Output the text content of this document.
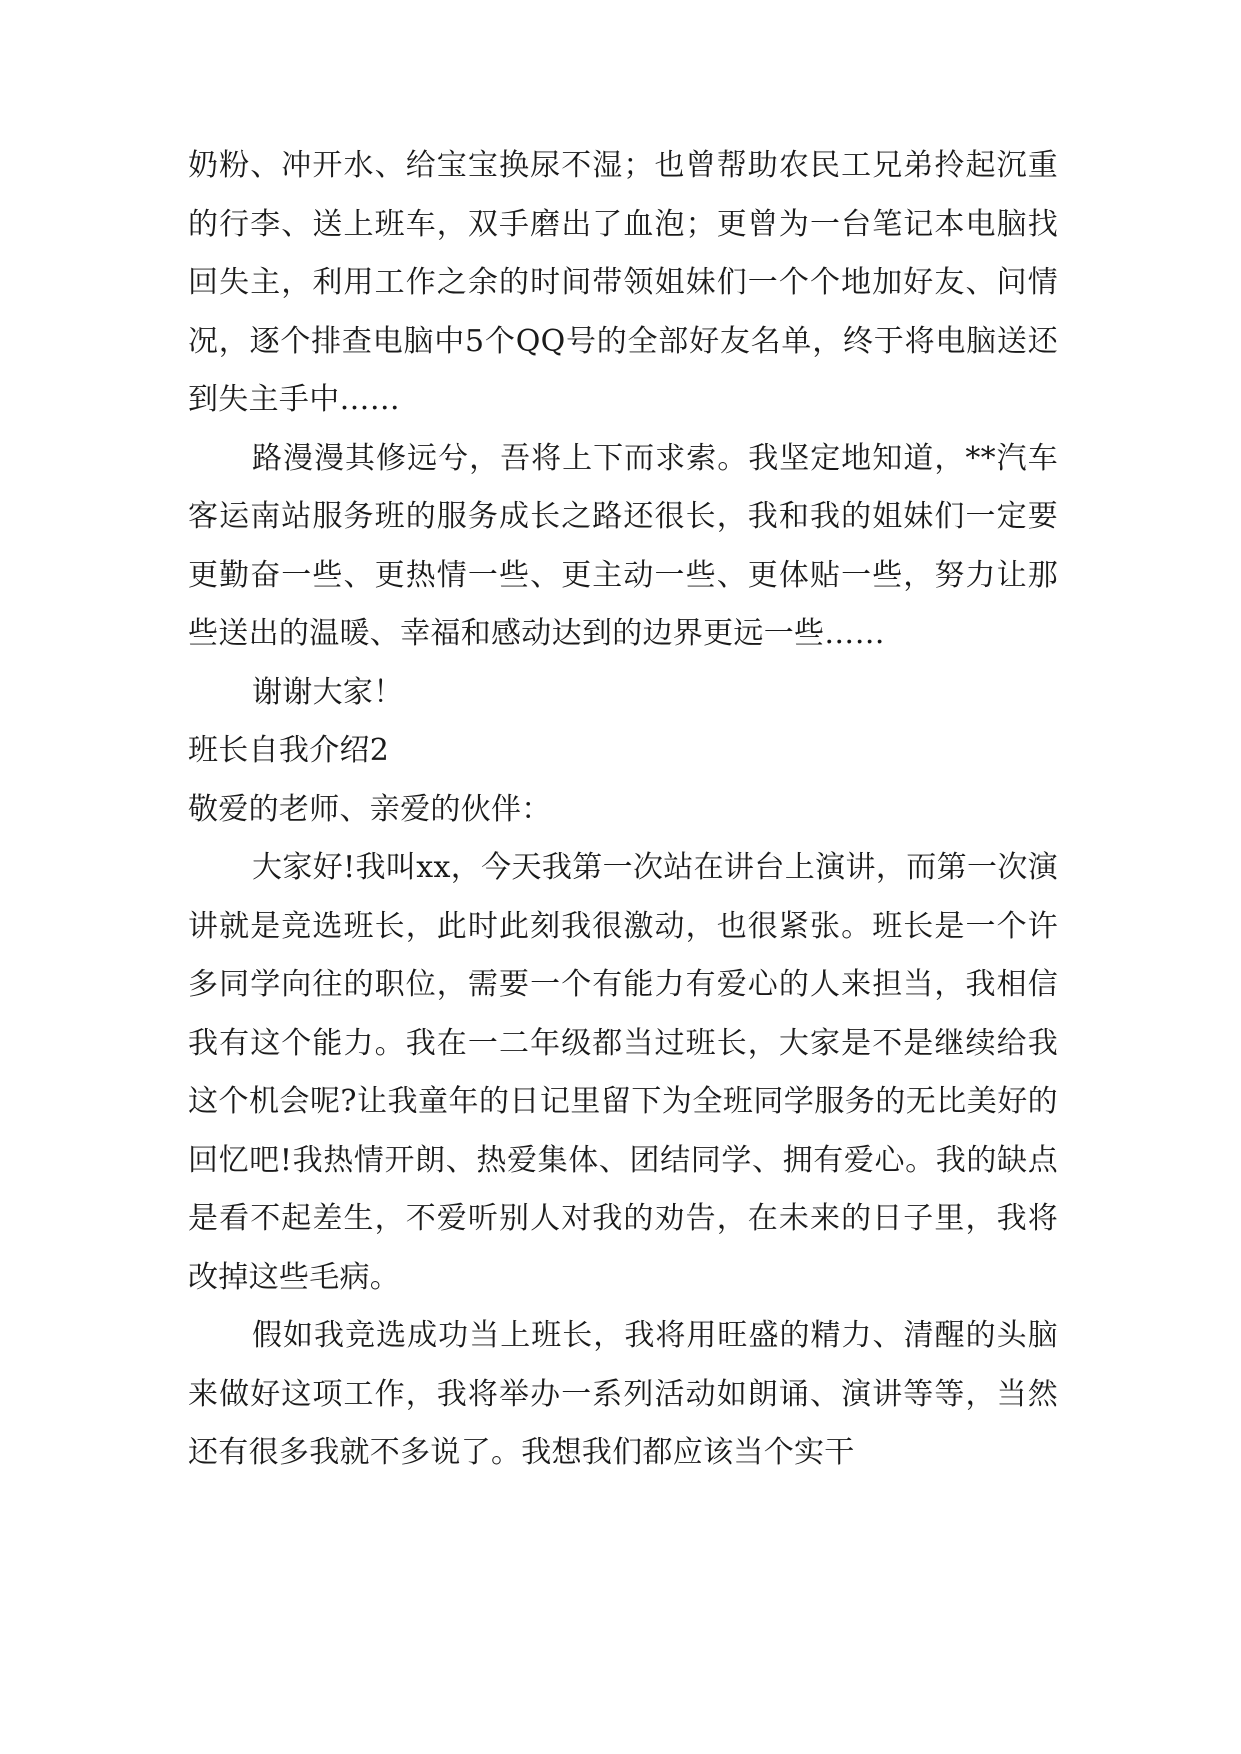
奶粉、冲开水、给宝宝换尿不湿；也曾帮助农民工兄弟拎起沉重的行李、送上班车，双手磨出了血泡；更曾为一台笔记本电脑找回失主，利用工作之余的时间带领姐妹们一个个地加好友、问情况，逐个排查电脑中5个QQ号的全部好友名单，终于将电脑送还到失主手中……

路漫漫其修远兮，吾将上下而求索。我坚定地知道，**汽车客运南站服务班的服务成长之路还很长，我和我的姐妹们一定要更勤奋一些、更热情一些、更主动一些、更体贴一些，努力让那些送出的温暖、幸福和感动达到的边界更远一些……

谢谢大家！

班长自我介绍2

敬爱的老师、亲爱的伙伴：

大家好!我叫xx，今天我第一次站在讲台上演讲，而第一次演讲就是竞选班长，此时此刻我很激动，也很紧张。班长是一个许多同学向往的职位，需要一个有能力有爱心的人来担当，我相信我有这个能力。我在一二年级都当过班长，大家是不是继续给我这个机会呢?让我童年的日记里留下为全班同学服务的无比美好的回忆吧!我热情开朗、热爱集体、团结同学、拥有爱心。我的缺点是看不起差生，不爱听别人对我的劝告，在未来的日子里，我将改掉这些毛病。

假如我竞选成功当上班长，我将用旺盛的精力、清醒的头脑来做好这项工作，我将举办一系列活动如朗诵、演讲等等，当然还有很多我就不多说了。我想我们都应该当个实干
